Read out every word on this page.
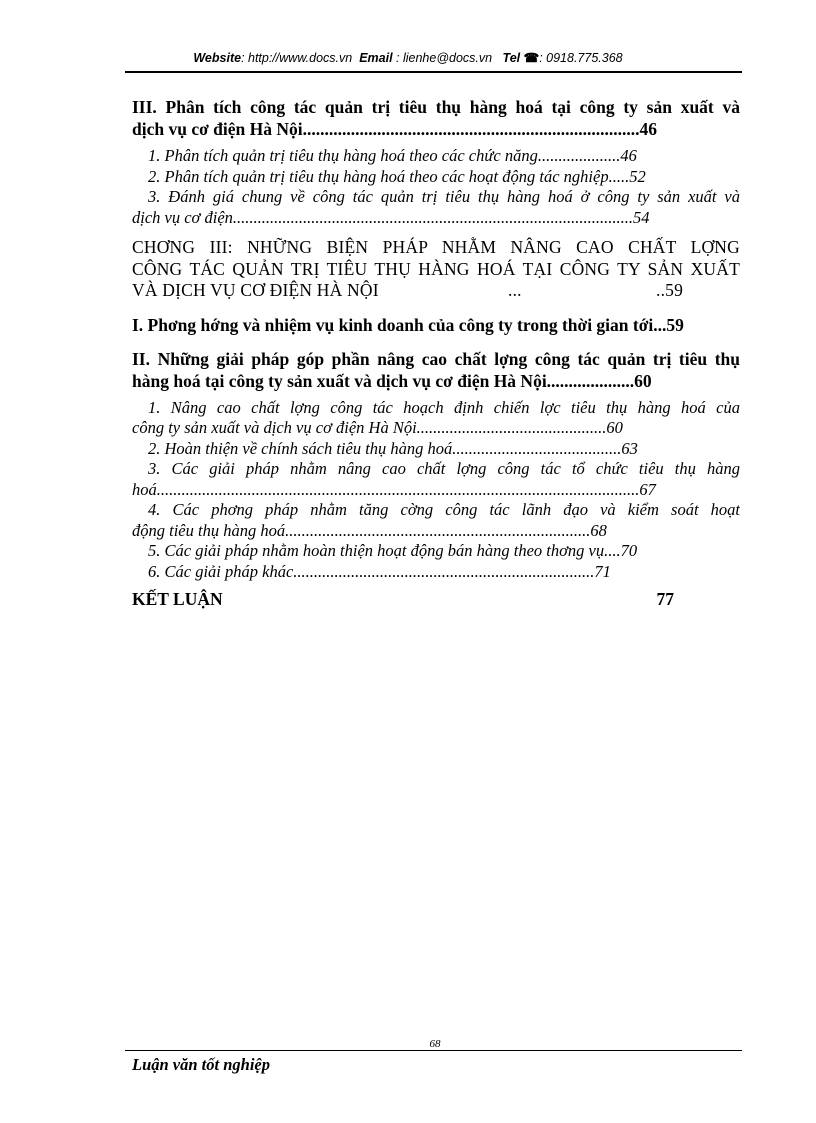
Website: http://www.docs.vn Email : lienhe@docs.vn Tel ☎: 0918.775.368
III. Phân tích công tác quản trị tiêu thụ hàng hoá tại công ty sản xuất và
dịch vụ cơ điện Hà Nội.............................................................................46
1. Phân tích quản trị tiêu thụ hàng hoá theo các chức năng....................46
2. Phân tích quản trị tiêu thụ hàng hoá theo các hoạt động tác nghiệp.....52
3. Đánh giá chung về công tác quản trị tiêu thụ hàng hoá ở công ty sản xuất và
dịch vụ cơ điện.................................................................................................54
CHƠNG III: NHỮNG BIỆN PHÁP NHẰM NÂNG CAO CHẤT LỢNG
CÔNG TÁC QUẢN TRỊ TIÊU THỤ HÀNG HOÁ TẠI CÔNG TY SẢN XUẤT
VÀ DỊCH VỤ CƠ ĐIỆN HÀ NỘI	...	..59
I. Phơng hớng và nhiệm vụ kinh doanh của công ty trong thời gian tới...59
II. Những giải pháp góp phần nâng cao chất lợng công tác quản trị tiêu thụ
hàng hoá tại công ty sản xuất và dịch vụ cơ điện Hà Nội....................60
1. Nâng cao chất lợng công tác hoạch định chiến lợc tiêu thụ hàng hoá của
công ty sản xuất và dịch vụ cơ điện Hà Nội..............................................60
2. Hoàn thiện về chính sách tiêu thụ hàng hoá.........................................63
3. Các giải pháp nhằm nâng cao chất lợng công tác tổ chức tiêu thụ hàng
hoá.....................................................................................................................67
4. Các phơng pháp nhằm tăng cờng công tác lãnh đạo và kiểm soát hoạt
động tiêu thụ hàng hoá..........................................................................68
5. Các giải pháp nhằm hoàn thiện hoạt động bán hàng theo thơng vụ....70
6. Các giải pháp khác.........................................................................71
KẾT LUẬN	77
68
Luận văn tốt nghiệp
